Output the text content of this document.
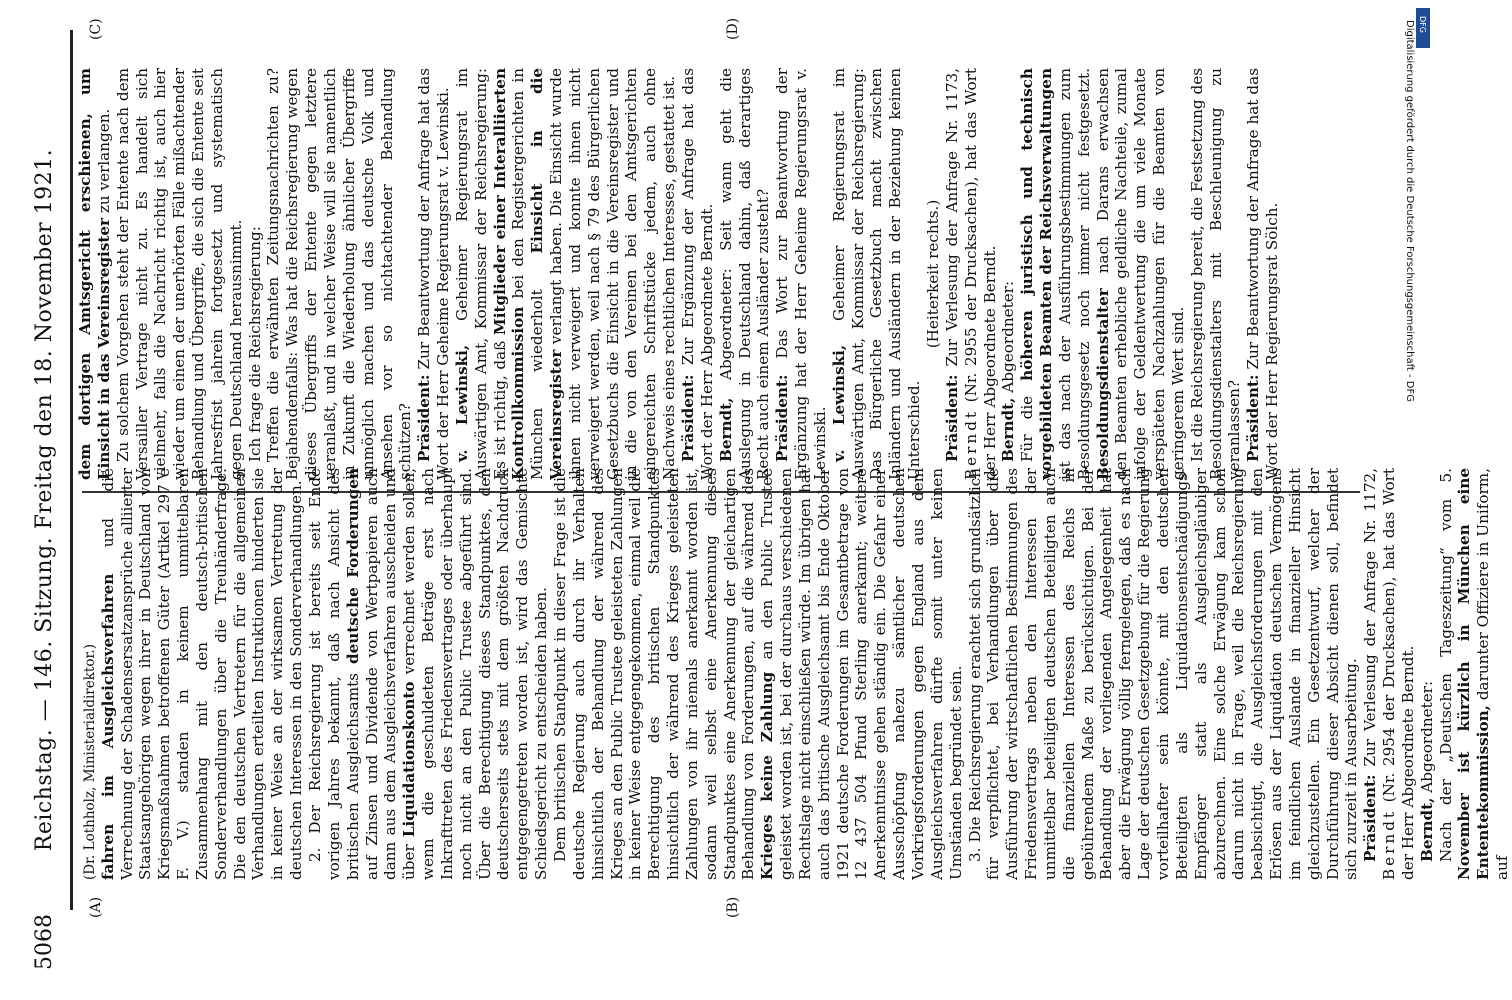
5068
Reichstag. — 146. Sitzung. Freitag den 18. November 1921.
(A)	(B)
(C)	(D)

(Dr. Lothholz, Ministerialdirektor.) fahren im Ausgleichsverfahren und die Verrechnung der Schadensersatzansprüche alliierter Staatsangehörigen wegen ihrer in Deutschland von Kriegsmaßnahmen betroffenen Güter (Artikel 297 e F. V.) standen in keinem unmittelbaren Zusammenhang mit den deutsch-britischen Sonderverhandlungen über die Treuhänderfrage. Die den deutschen Vertretern für die allgemeinen Verhandlungen erteilten Instruktionen hinderten sie in keiner Weise an der wirksamen Vertretung der deutschen Interessen in den Sonderverhandlungen. 2. Der Reichsregierung ist bereits seit Ende vorigen Jahres bekannt, daß nach Ansicht des britischen Ausgleichsamts deutsche Forderungen auf Zinsen und Dividende von Wertpapieren auch dann aus dem Ausgleichsverfahren ausscheiden und über Liquidationskonto verrechnet werden sollen, wenn die geschuldeten Beträge erst nach Inkrafttreten des Friedensvertrages oder überhaupt noch nicht an den Public Trustee abgeführt sind. Über die Berechtigung dieses Standpunktes, den deutscherseits stets mit dem größten Nachdruck entgegengetreten worden ist, wird das Gemischte Schiedsgericht zu entscheiden haben. Dem britischen Standpunkt in dieser Frage ist die deutsche Regierung auch durch ihr Verhalten hinsichtlich der Behandlung der während des Krieges an den Public Trustee geleisteten Zahlungen in keiner Weise entgegengekommen, einmal weil die Berechtigung des britischen Standpunktes hinsichtlich der während des Krieges geleisteten Zahlungen von ihr niemals anerkannt worden ist, sodann weil selbst eine Anerkennung dieses Standpunktes eine Anerkennung der gleichartigen Behandlung von Forderungen, auf die während des Krieges keine Zahlung an den Public Trustee geleistet worden ist, bei der durchaus verschiedenen Rechtslage nicht einschließen würde. Im übrigen hat auch das britische Ausgleichsamt bis Ende Oktober 1921 deutsche Forderungen im Gesamtbetrage von 12 437 504 Pfund Sterling anerkannt; weitere Anerkenntnisse gehen ständig ein. Die Gefahr einer Ausschöpfung nahezu sämtlicher deutschen Vorkriegsforderungen gegen England aus dem Ausgleichsverfahren dürfte somit unter keinen Umständen begründet sein. 3. Die Reichsregierung erachtet sich grundsätzlich für verpflichtet, bei Verhandlungen über die Ausführung der wirtschaftlichen Bestimmungen des Friedensvertrags neben den Interessen der unmittelbar beteiligten deutschen Beteiligten auch die finanziellen Interessen des Reichs in gebührendem Maße zu berücksichtigen. Bei der Behandlung der vorliegenden Angelegenheit hat aber die Erwägung völlig ferngelegen, daß es nach Lage der deutschen Gesetzgebung für die Regierung vorteilhafter sein könnte, mit den deutschen Beteiligten als Liquidationsentschädigungs-Empfänger statt als Ausgleichsgläubiger abzurechnen. Eine solche Erwägung kam schon darum nicht in Frage, weil die Reichsregierung beabsichtigt, die Ausgleichsforderungen mit den Erlösen aus der Liquidation deutschen Vermögens im feindlichen Auslande in finanzieller Hinsicht gleichzustellen. Ein Gesetzentwurf, welcher der Durchführung dieser Absicht dienen soll, befindet sich zurzeit in Ausarbeitung. Präsident: Zur Verlesung der Anfrage Nr. 1172, Berndt (Nr. 2954 der Drucksachen), hat das Wort der Herr Abgeordnete Berndt. Berndt, Abgeordneter: Nach der „Deutschen Tageszeitung“ vom 5. November ist kürzlich in München eine Ententekommission, darunter Offiziere in Uniform, auf

dem dortigen Amtsgericht erschienen, um Einsicht in das Vereinsregister zu verlangen.

Zu solchem Vorgehen steht der Entente nach dem Versailler Vertrage nicht zu. Es handelt sich vielmehr, falls die Nachricht richtig ist, auch hier wieder um einen der unerhörten Fälle mißachtender Behandlung und Übergriffe, die sich die Entente seit Jahresfrist jahrein fortgesetzt und systematisch gegen Deutschland herausnimmt. Ich frage die Reichsregierung: Treffen die erwähnten Zeitungsnachrichten zu? Bejahendenfalls: Was hat die Reichsregierung wegen dieses Übergriffs der Entente gegen letztere veranlaßt, und in welcher Weise will sie namentlich in Zukunft die Wiederholung ähnlicher Übergriffe unmöglich machen und das deutsche Volk und Ansehen vor so nichtachtender Behandlung schützen? Präsident: Zur Beantwortung der Anfrage hat das Wort der Herr Geheime Regierungsrat v. Lewinski. v. Lewinski, Geheimer Regierungsrat im Auswärtigen Amt, Kommissar der Reichsregierung: Es ist richtig, daß Mitglieder einer Interalliierten Kontrollkommission bei den Registergerichten in München wiederholt Einsicht in die Vereinsregister verlangt haben. Die Einsicht wurde ihnen nicht verweigert und konnte ihnen nicht verweigert werden, weil nach § 79 des Bürgerlichen Gesetzbuchs die Einsicht in die Vereinsregister und in die von den Vereinen bei den Amtsgerichten eingereichten Schriftstücke jedem, auch ohne Nachweis eines rechtlichen Interesses, gestattet ist. Präsident: Zur Ergänzung der Anfrage hat das Wort der Herr Abgeordnete Berndt. Berndt, Abgeordneter: Seit wann geht die Auslegung in Deutschland dahin, daß derartiges Recht auch einem Ausländer zusteht? Präsident: Das Wort zur Beantwortung der Ergänzung hat der Herr Geheime Regierungsrat v. Lewinski. v. Lewinski, Geheimer Regierungsrat im Auswärtigen Amt, Kommissar der Reichsregierung: Das Bürgerliche Gesetzbuch macht zwischen Inländern und Ausländern in der Beziehung keinen Unterschied.

(Heiterkeit rechts.)

Präsident: Zur Verlesung der Anfrage Nr. 1173, Berndt (Nr. 2955 der Drucksachen), hat das Wort der Herr Abgeordnete Berndt. Berndt, Abgeordneter:

Für die höheren juristisch und technisch vorgebildeten Beamten der Reichsverwaltungen ist das nach der Ausführungsbestimmungen zum Besoldungsgesetz noch immer nicht festgesetzt. Besoldungsdienstalter nach Darans erwachsen den Beamten erhebliche geldliche Nachteile, zumal infolge der Geldentwertung die um viele Monate verspäteten Nachzahlungen für die Beamten von geringerem Wert sind. Ist die Reichsregierung bereit, die Festsetzung des Besoldungsdienstalters mit Beschleunigung zu veranlassen? Präsident: Zur Beantwortung der Anfrage hat das Wort der Herr Regierungsrat Sölch.

DFG
Digitalisierung gefördert durch die Deutsche Forschungsgemeinschaft - DFG
